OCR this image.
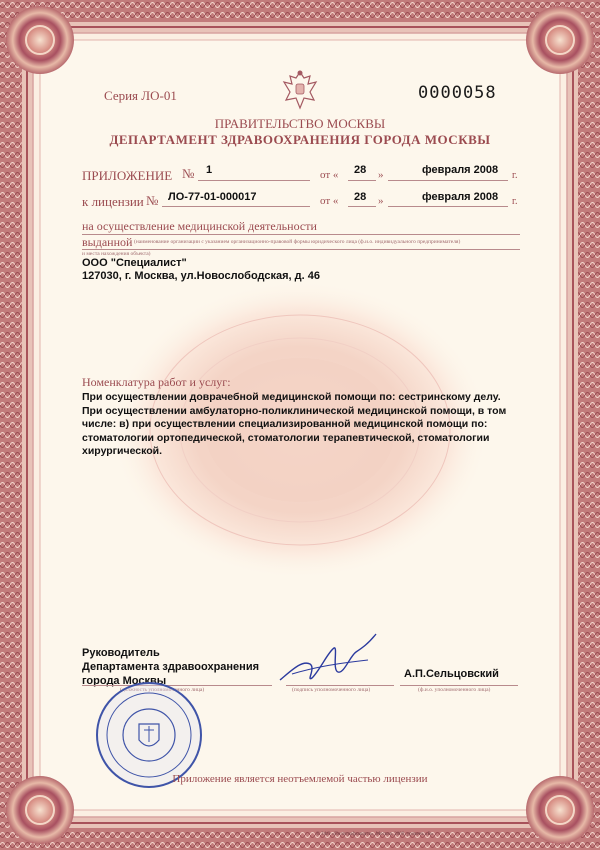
Серия ЛО-01	0000058
ПРАВИТЕЛЬСТВО МОСКВЫ
ДЕПАРТАМЕНТ ЗДРАВООХРАНЕНИЯ ГОРОДА МОСКВЫ
ПРИЛОЖЕНИЕ № 1	от « 28 »	февраля 2008 г.
к лицензии № ЛО-77-01-000017	от « 28 »	февраля 2008 г.
на осуществление медицинской деятельности
выданной (наименование организации с указанием организационно-правовой формы юридического лица (ф.и.о. индивидуального предпринимателя)
и места нахождения объекта)
ООО "Специалист"
127030, г. Москва, ул.Новослободская, д. 46
Номенклатура работ и услуг:
При осуществлении доврачебной медицинской помощи по: сестринскому делу.
При осуществлении амбулаторно-поликлинической медицинской помощи, в том
числе: в) при осуществлении специализированной медицинской помощи по:
стоматологии ортопедической, стоматологии терапевтической, стоматологии
хирургической.
Руководитель
Департамента здравоохранения
города Москвы
(должность уполномоченного лица)	(подпись уполномоченного лица)
А.П.Сельцовский
(ф.и.о. уполномоченного лица)
Приложение является неотъемлемой частью лицензии
© ЗАО «Полиграфзащита», Москва, 2008, уровень «В»
